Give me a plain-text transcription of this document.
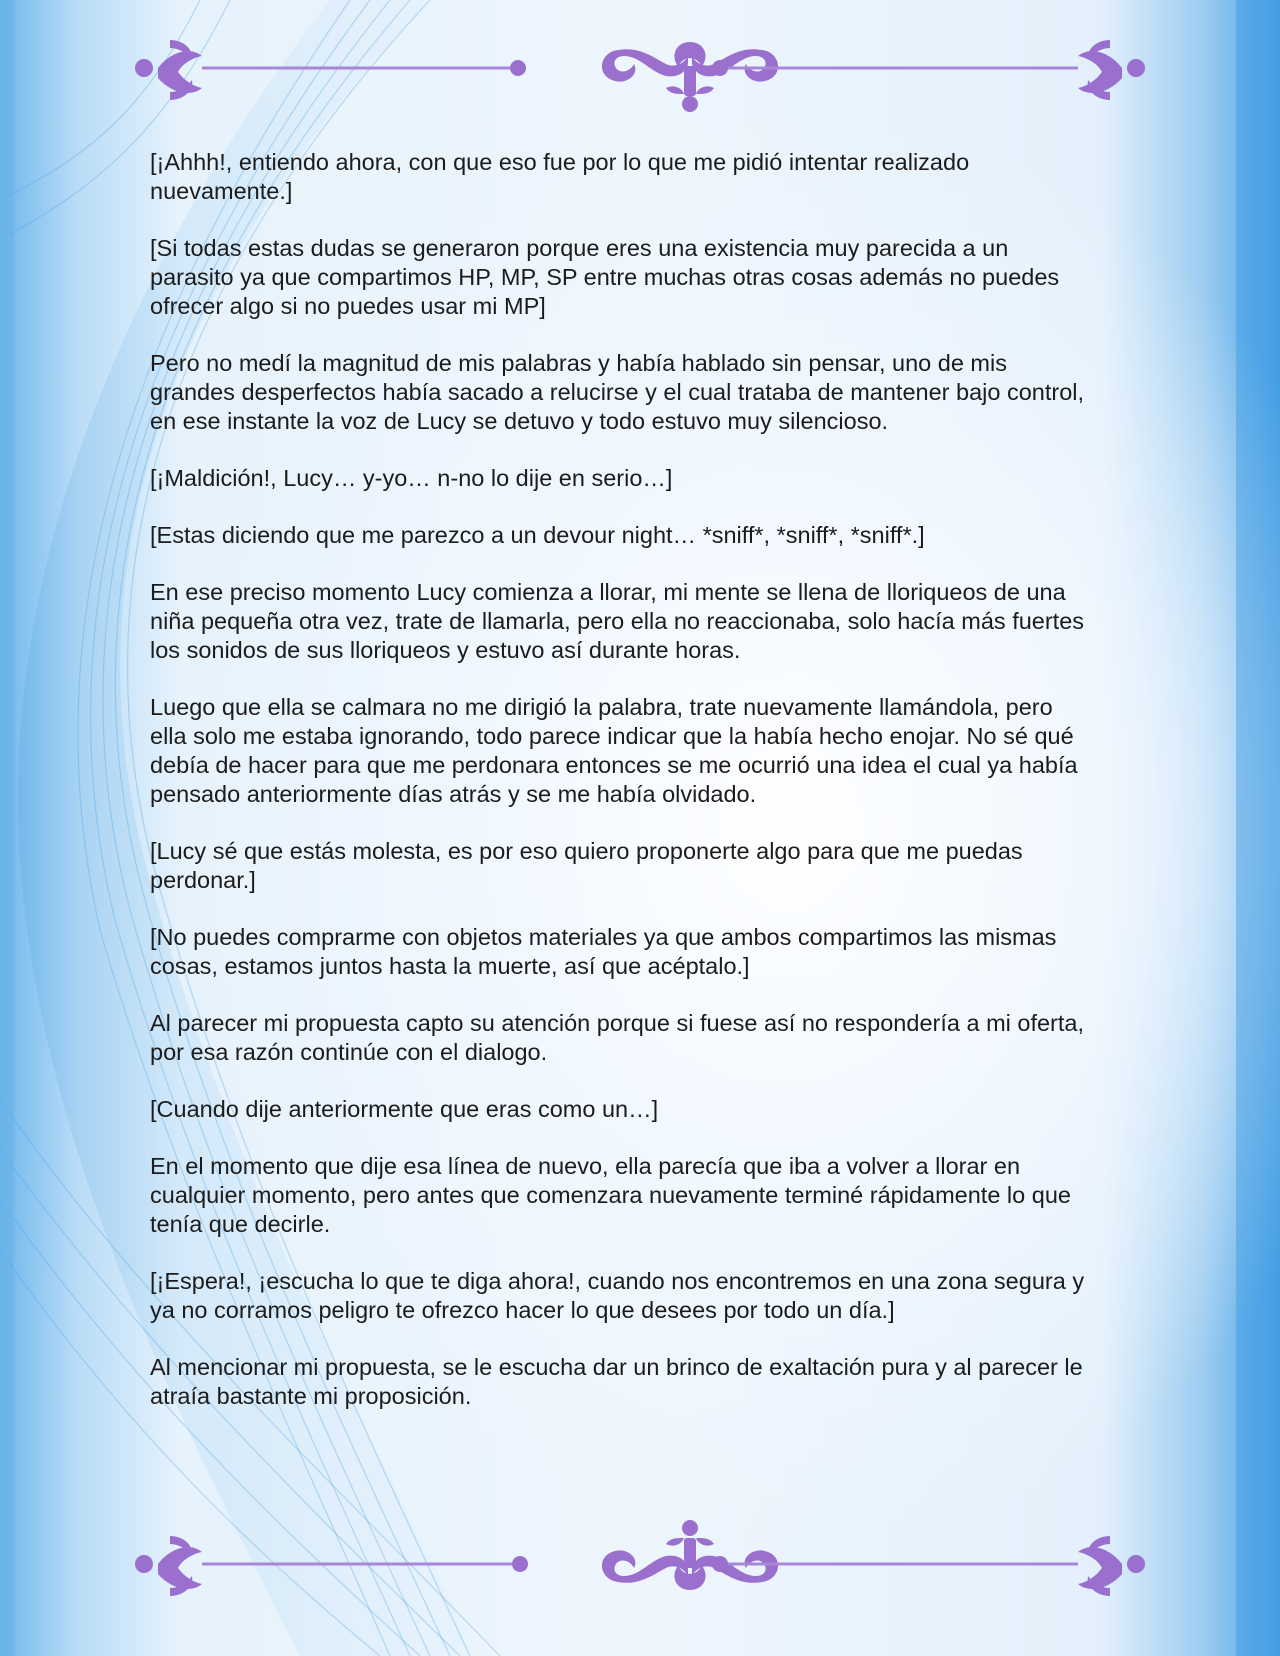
[¡Ahhh!, entiendo ahora, con que eso fue por lo que me pidió intentar realizado nuevamente.]

[Si todas estas dudas se generaron porque eres una existencia muy parecida a un parasito ya que compartimos HP, MP, SP entre muchas otras cosas además no puedes ofrecer algo si no puedes usar mi MP]

Pero no medí la magnitud de mis palabras y había hablado sin pensar, uno de mis grandes desperfectos había sacado a relucirse y el cual trataba de mantener bajo control, en ese instante la voz de Lucy se detuvo y todo estuvo muy silencioso.

[¡Maldición!, Lucy… y-yo… n-no lo dije en serio…]

[Estas diciendo que me parezco a un devour night… *sniff*, *sniff*, *sniff*.]

En ese preciso momento Lucy comienza a llorar, mi mente se llena de lloriqueos de una niña pequeña otra vez, trate de llamarla, pero ella no reaccionaba, solo hacía más fuertes los sonidos de sus lloriqueos y estuvo así durante horas.

Luego que ella se calmara no me dirigió la palabra, trate nuevamente llamándola, pero ella solo me estaba ignorando, todo parece indicar que la había hecho enojar. No sé qué debía de hacer para que me perdonara entonces se me ocurrió una idea el cual ya había pensado anteriormente días atrás y se me había olvidado.

[Lucy sé que estás molesta, es por eso quiero proponerte algo para que me puedas perdonar.]

[No puedes comprarme con objetos materiales ya que ambos compartimos las mismas cosas, estamos juntos hasta la muerte, así que acéptalo.]

Al parecer mi propuesta capto su atención porque si fuese así no respondería a mi oferta, por esa razón continúe con el dialogo.

[Cuando dije anteriormente que eras como un…]

En el momento que dije esa línea de nuevo, ella parecía que iba a volver a llorar en cualquier momento, pero antes que comenzara nuevamente terminé rápidamente lo que tenía que decirle.

[¡Espera!, ¡escucha lo que te diga ahora!, cuando nos encontremos en una zona segura y ya no corramos peligro te ofrezco hacer lo que desees por todo un día.]

Al mencionar mi propuesta, se le escucha dar un brinco de exaltación pura y al parecer le atraía bastante mi proposición.
